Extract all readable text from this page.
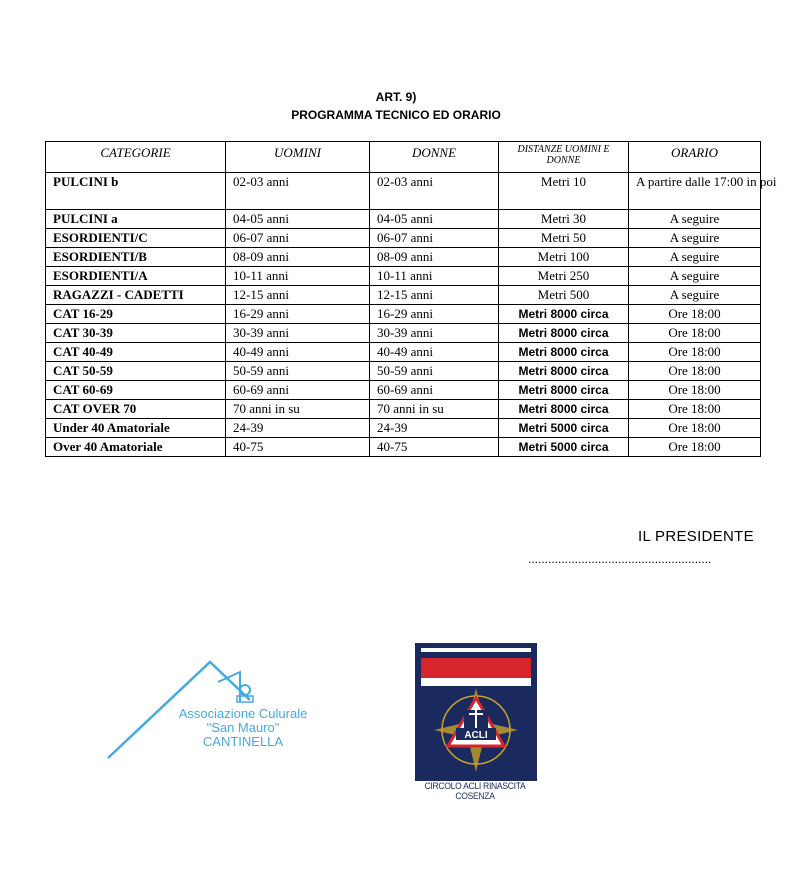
ART. 9)
PROGRAMMA TECNICO ED ORARIO
CATEGORIE	UOMINI	DONNE	DISTANZE UOMINI E DONNE	ORARIO
PULCINI b	02-03 anni	02-03 anni	Metri 10	A partire dalle 17:00 in poi
PULCINI a	04-05 anni	04-05 anni	Metri 30	A seguire
ESORDIENTI/C	06-07 anni	06-07 anni	Metri 50	A seguire
ESORDIENTI/B	08-09 anni	08-09 anni	Metri 100	A seguire
ESORDIENTI/A	10-11 anni	10-11 anni	Metri 250	A seguire
RAGAZZI - CADETTI	12-15 anni	12-15 anni	Metri 500	A seguire
CAT 16-29	16-29 anni	16-29 anni	Metri 8000 circa	Ore 18:00
CAT 30-39	30-39 anni	30-39 anni	Metri 8000 circa	Ore 18:00
CAT 40-49	40-49 anni	40-49 anni	Metri 8000 circa	Ore 18:00
CAT 50-59	50-59 anni	50-59 anni	Metri 8000 circa	Ore 18:00
CAT 60-69	60-69 anni	60-69 anni	Metri 8000 circa	Ore 18:00
CAT OVER 70	70 anni in su	70 anni in su	Metri 8000 circa	Ore 18:00
Under 40 Amatoriale	24-39	24-39	Metri 5000 circa	Ore 18:00
Over 40 Amatoriale	40-75	40-75	Metri 5000 circa	Ore 18:00
IL PRESIDENTE
.......................................................
Associazione Culurale
"San Mauro"
CANTINELLA	ACLI
CIRCOLO ACLI RINASCITA COSENZA
